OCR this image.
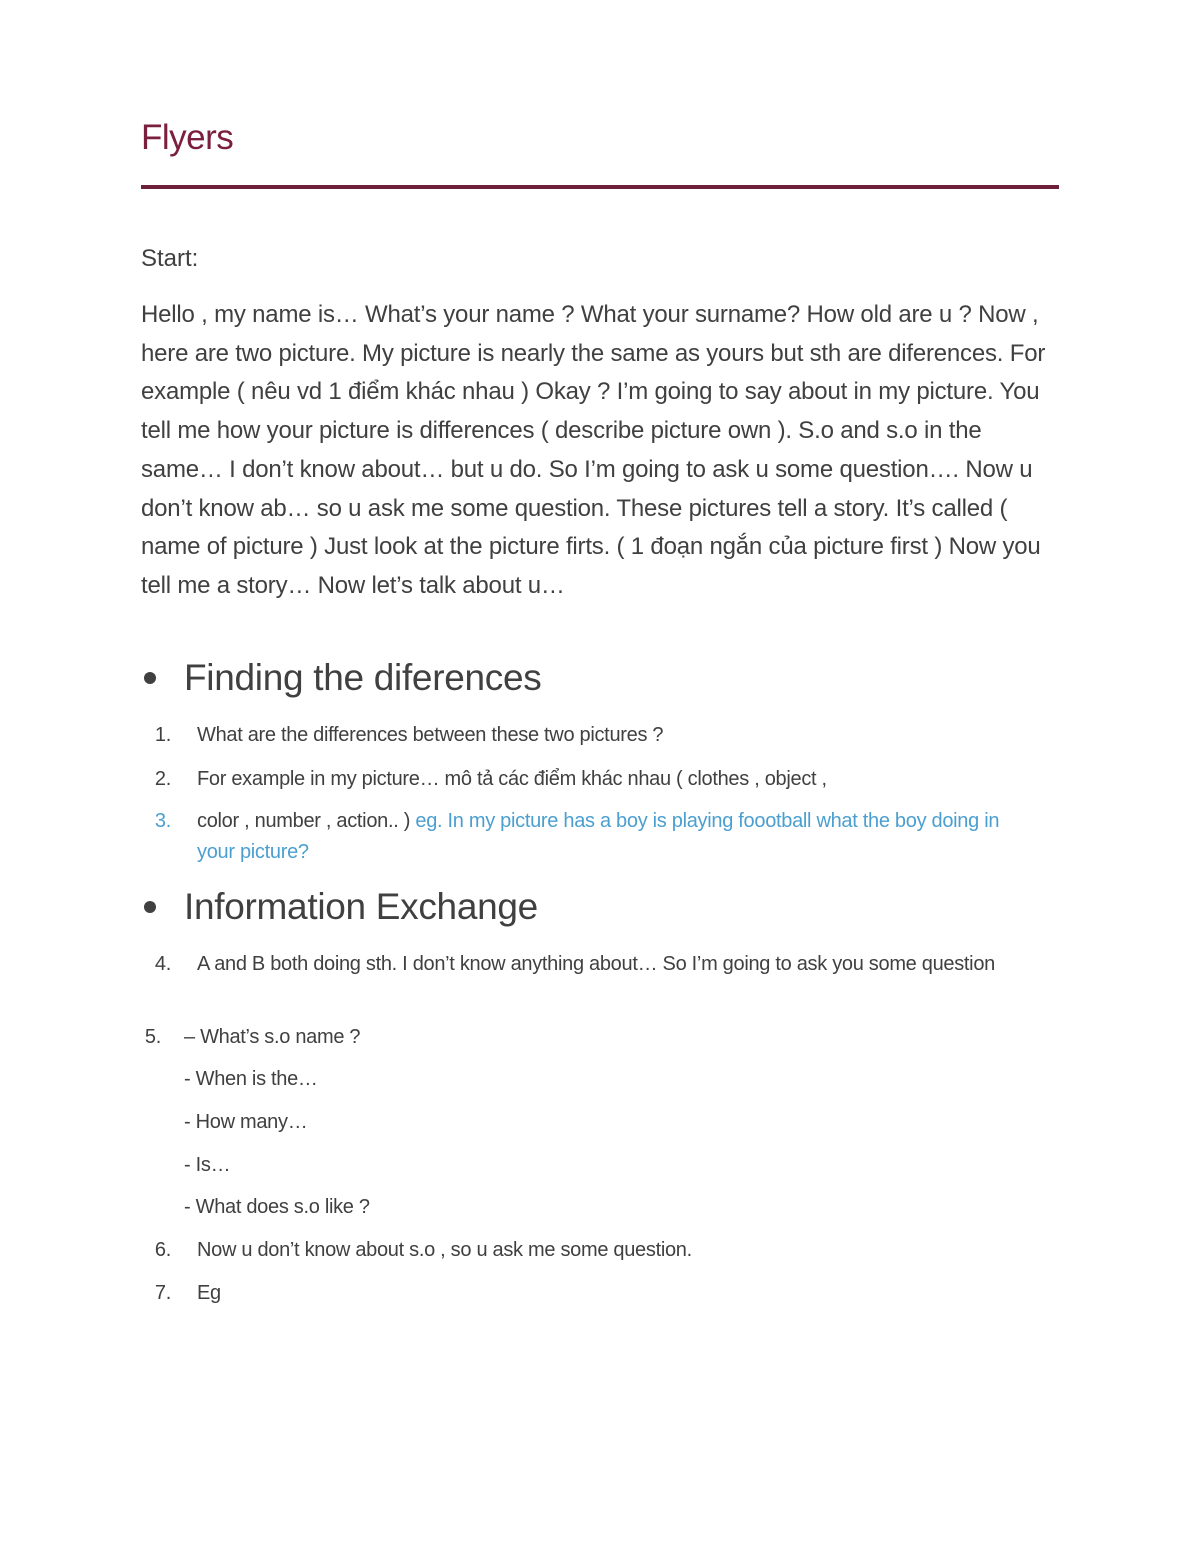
Flyers

Start:

Hello , my name is… What’s your name ? What your surname? How old are u ? Now , here are two picture. My picture is nearly the same as yours but sth are diferences. For example ( nêu vd 1 điểm khác nhau ) Okay ? I’m going to say about in my picture. You tell me how your picture is differences ( describe picture own ). S.o and s.o in the same… I don’t know about… but u do. So I’m going to ask u some question…. Now u don’t know ab… so u ask me some question. These pictures tell a story. It’s called ( name of picture ) Just look at the picture firts. ( 1 đoạn ngắn của picture first ) Now you tell me a story… Now let’s talk about u…

Finding the diferences
1. What are the differences between these two pictures ?
2. For example in my picture… mô tả các điểm khác nhau ( clothes , object ,
3. color , number , action.. ) eg. In my picture has a boy is playing foootball what the boy doing in your picture?
Information Exchange
4. A and B both doing sth. I don’t know anything about… So I’m going to ask you some question
5. – What’s s.o name ?
- When is the…
- How many…
- Is…
- What does s.o like ?
6. Now u don’t know about s.o , so u ask me some question.
7. Eg
